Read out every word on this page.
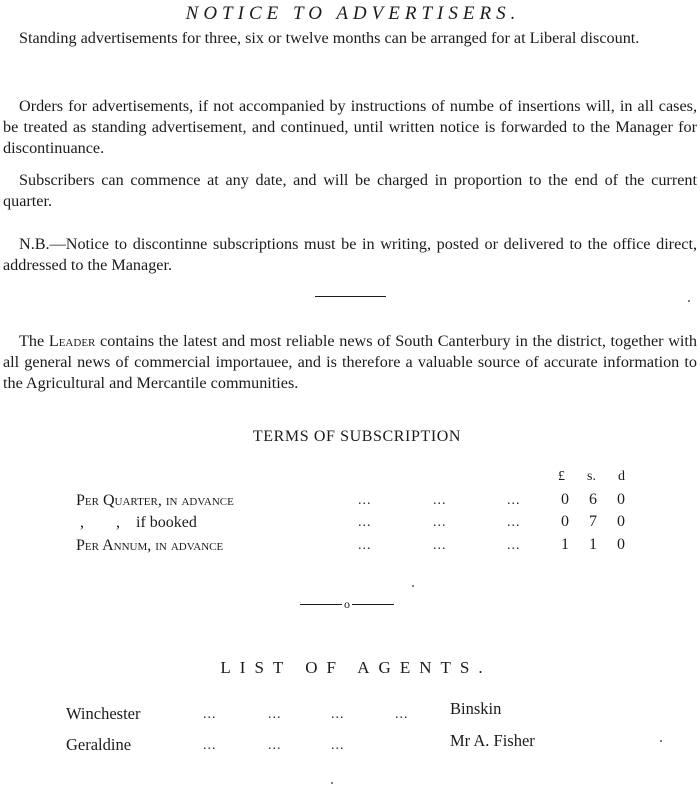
NOTICE TO ADVERTISERS.

Standing advertisements for three, six or twelve months can be arranged for at Liberal discount.

Orders for advertisements, if not accompanied by instructions of numbe of insertions will, in all cases, be treated as standing advertisement, and continued, until written notice is forwarded to the Manager for discontinuance.

Subscribers can commence at any date, and will be charged in proportion to the end of the current quarter.

N.B.—Notice to discontinne subscriptions must be in writing, posted or delivered to the office direct, addressed to the Manager.

The Leader contains the latest and most reliable news of South Canterbury in the district, together with all general news of commercial importauee, and is therefore a valuable source of accurate information to the Agricultural and Mercantile communities.

TERMS OF SUBSCRIPTION
£ s. d
Per Quarter, in advance	...	...	...	0 6 0
,        ,    if booked	...	...	...	0 7 0
Per Annum, in advance	...	...	...	1 1 0
o
LIST OF AGENTS.
Winchester	...	...	...	...	Binskin
Geraldine	...	...	...	Mr A. Fisher
